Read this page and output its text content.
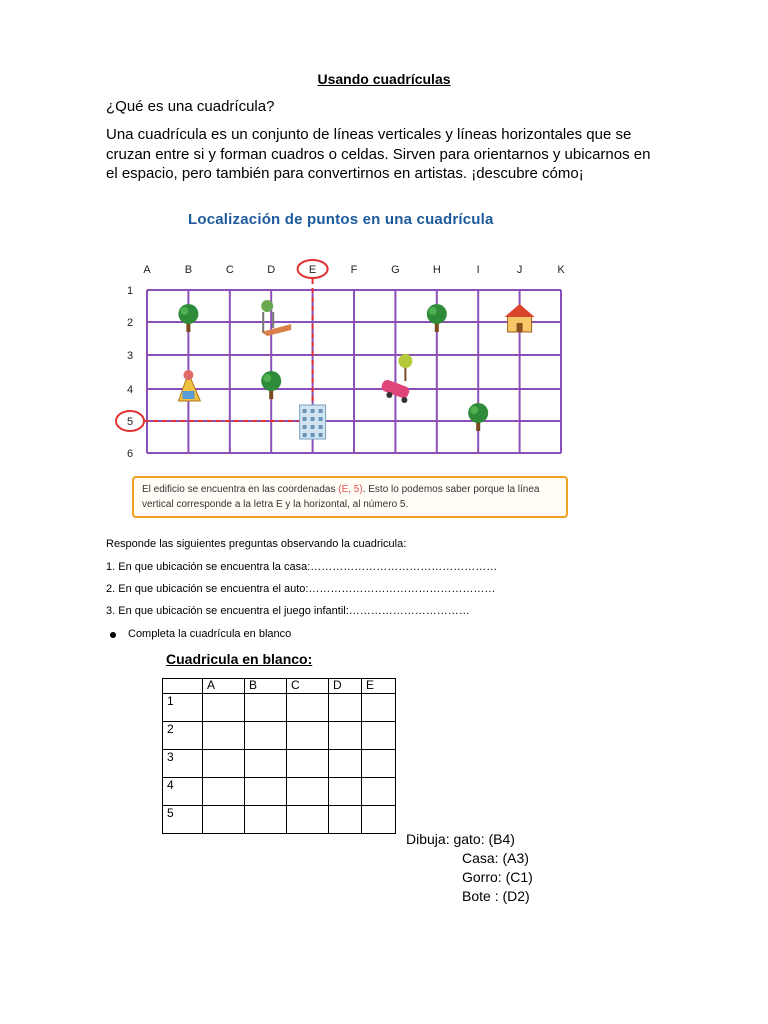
Usando cuadrículas
¿Qué es una cuadrícula?
Una cuadrícula es un conjunto de líneas verticales y líneas horizontales que se cruzan entre si y forman cuadros o celdas. Sirven para orientarnos y ubicarnos en el espacio, pero también para convertirnos en artistas. ¡descubre cómo¡
Localización de puntos en una cuadrícula
A	B	C	D	E	F	G	H	I	J	K
1
2
3
4
5
6
El edificio se encuentra en las coordenadas (E, 5). Esto lo podemos saber porque la línea vertical corresponde a la letra E y la horizontal, al número 5.
Responde las siguientes preguntas observando la cuadricula:
1. En que ubicación se encuentra la casa:……………………………………………
2. En que ubicación se encuentra el auto:……………………………………………
3. En que ubicación se encuentra el juego infantil:……………………………
Completa la cuadrícula en blanco
Cuadricula en blanco:
	A	B	C	D	E
1					
2					
3					
4					
5					
Dibuja: gato: (B4)
Casa: (A3)
Gorro: (C1)
Bote : (D2)
